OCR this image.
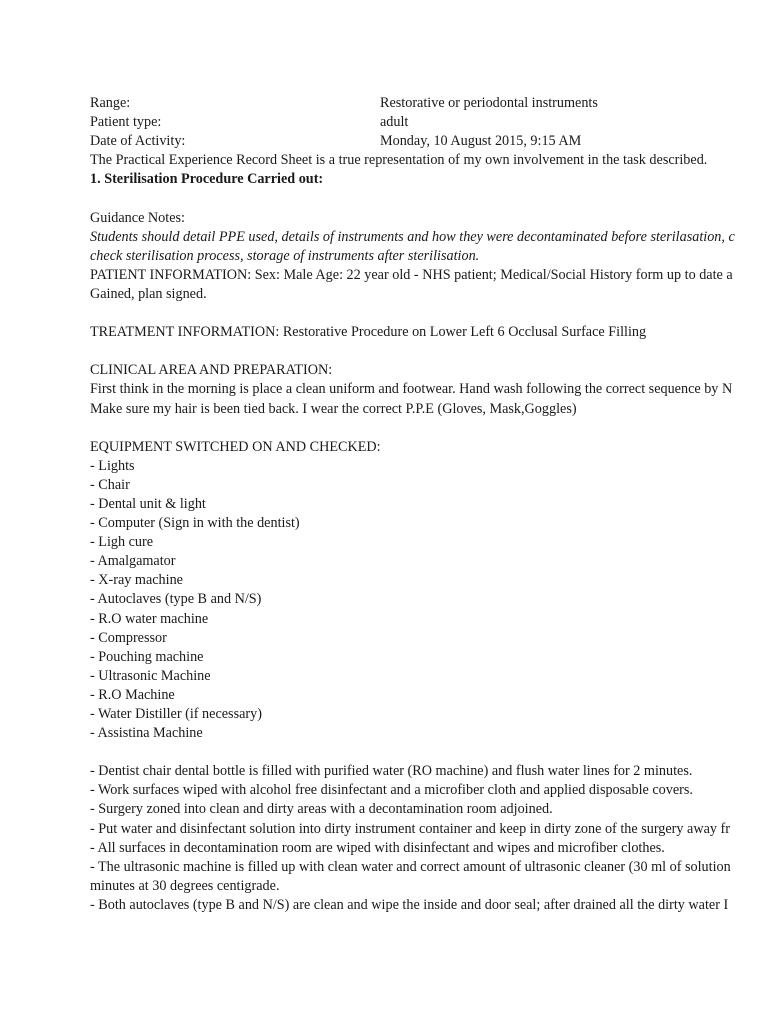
Range:	Restorative or periodontal instruments
Patient type:	adult
Date of Activity:	Monday, 10 August 2015, 9:15 AM
The Practical Experience Record Sheet is a true representation of my own involvement in the task described.
1. Sterilisation Procedure Carried out:
Guidance Notes:
Students should detail PPE used, details of instruments and how they were decontaminated before sterilasation, c
check sterilisation process, storage of instruments after sterilisation.
PATIENT INFORMATION: Sex: Male Age: 22 year old - NHS patient; Medical/Social History form up to date a
Gained, plan signed.
TREATMENT INFORMATION: Restorative Procedure on Lower Left 6 Occlusal Surface Filling
CLINICAL AREA AND PREPARATION:
First think in the morning is place a clean uniform and footwear. Hand wash following the correct sequence by N
Make sure my hair is been tied back. I wear the correct P.P.E (Gloves, Mask,Goggles)
EQUIPMENT SWITCHED ON AND CHECKED:
- Lights
- Chair
- Dental unit & light
- Computer (Sign in with the dentist)
- Ligh cure
- Amalgamator
- X-ray machine
- Autoclaves (type B and N/S)
- R.O water machine
- Compressor
- Pouching machine
- Ultrasonic Machine
- R.O Machine
- Water Distiller (if necessary)
- Assistina Machine
- Dentist chair dental bottle is filled with purified water (RO machine) and flush water lines for 2 minutes.
- Work surfaces wiped with alcohol free disinfectant and a microfiber cloth and applied disposable covers.
- Surgery zoned into clean and dirty areas with a decontamination room adjoined.
- Put water and disinfectant solution into dirty instrument container and keep in dirty zone of the surgery away fr
- All surfaces in decontamination room are wiped with disinfectant and wipes and microfiber clothes.
- The ultrasonic machine is filled up with clean water and correct amount of ultrasonic cleaner (30 ml of solution
minutes at 30 degrees centigrade.
- Both autoclaves (type B and N/S) are clean and wipe the inside and door seal; after drained all the dirty water I
